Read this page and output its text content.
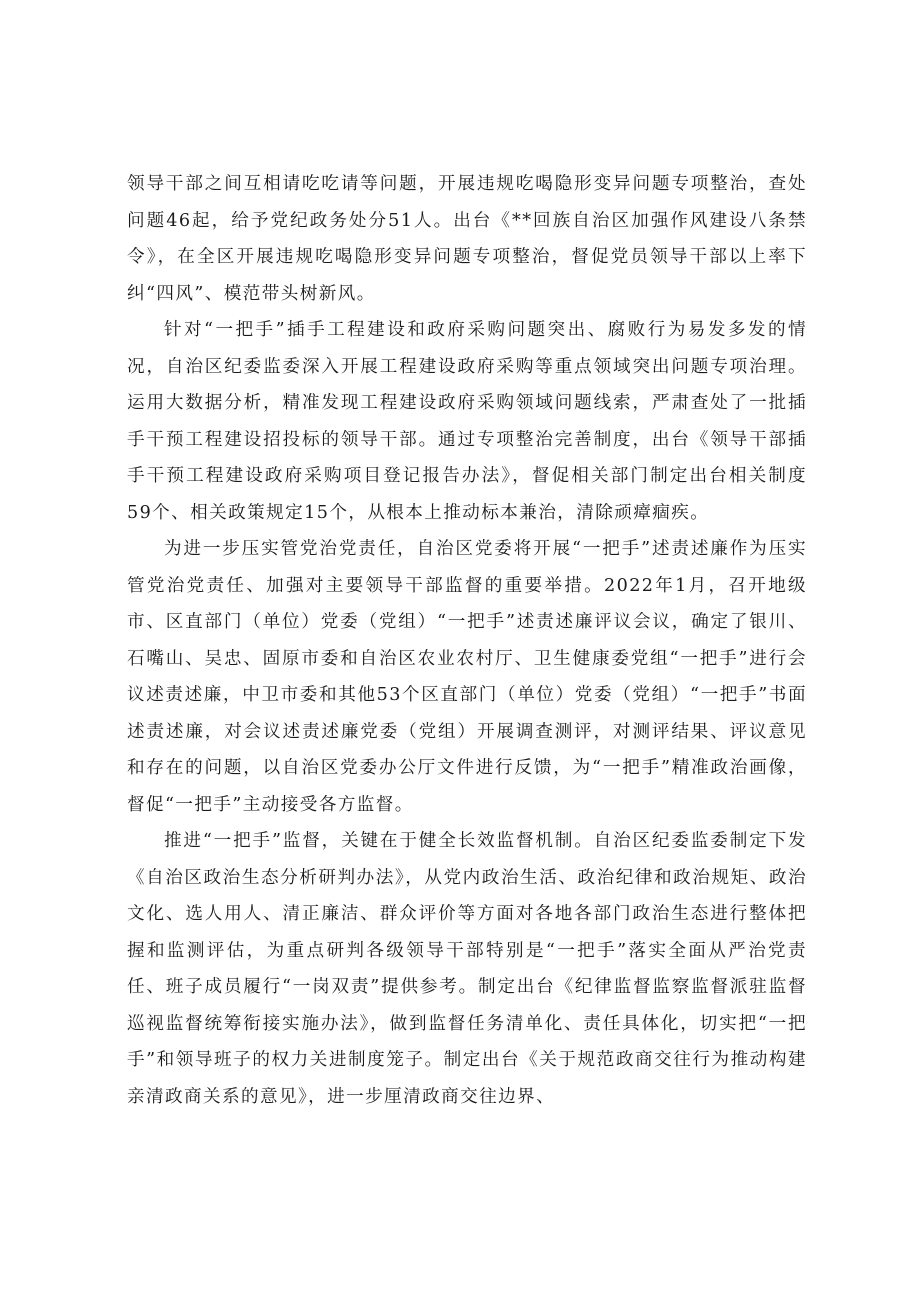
领导干部之间互相请吃吃请等问题，开展违规吃喝隐形变异问题专项整治，查处问题46起，给予党纪政务处分51人。出台《**回族自治区加强作风建设八条禁令》，在全区开展违规吃喝隐形变异问题专项整治，督促党员领导干部以上率下纠“四风”、模范带头树新风。

针对“一把手”插手工程建设和政府采购问题突出、腐败行为易发多发的情况，自治区纪委监委深入开展工程建设政府采购等重点领域突出问题专项治理。运用大数据分析，精准发现工程建设政府采购领域问题线索，严肃查处了一批插手干预工程建设招投标的领导干部。通过专项整治完善制度，出台《领导干部插手干预工程建设政府采购项目登记报告办法》，督促相关部门制定出台相关制度59个、相关政策规定15个，从根本上推动标本兼治，清除顽瘴痼疾。

为进一步压实管党治党责任，自治区党委将开展“一把手”述责述廉作为压实管党治党责任、加强对主要领导干部监督的重要举措。2022年1月，召开地级市、区直部门（单位）党委（党组）“一把手”述责述廉评议会议，确定了银川、石嘴山、吴忠、固原市委和自治区农业农村厅、卫生健康委党组“一把手”进行会议述责述廉，中卫市委和其他53个区直部门（单位）党委（党组）“一把手”书面述责述廉，对会议述责述廉党委（党组）开展调查测评，对测评结果、评议意见和存在的问题，以自治区党委办公厅文件进行反馈，为“一把手”精准政治画像，督促“一把手”主动接受各方监督。

推进“一把手”监督，关键在于健全长效监督机制。自治区纪委监委制定下发《自治区政治生态分析研判办法》，从党内政治生活、政治纪律和政治规矩、政治文化、选人用人、清正廉洁、群众评价等方面对各地各部门政治生态进行整体把握和监测评估，为重点研判各级领导干部特别是“一把手”落实全面从严治党责任、班子成员履行“一岗双责”提供参考。制定出台《纪律监督监察监督派驻监督巡视监督统筹衔接实施办法》，做到监督任务清单化、责任具体化，切实把“一把手”和领导班子的权力关进制度笼子。制定出台《关于规范政商交往行为推动构建亲清政商关系的意见》，进一步厘清政商交往边界、
